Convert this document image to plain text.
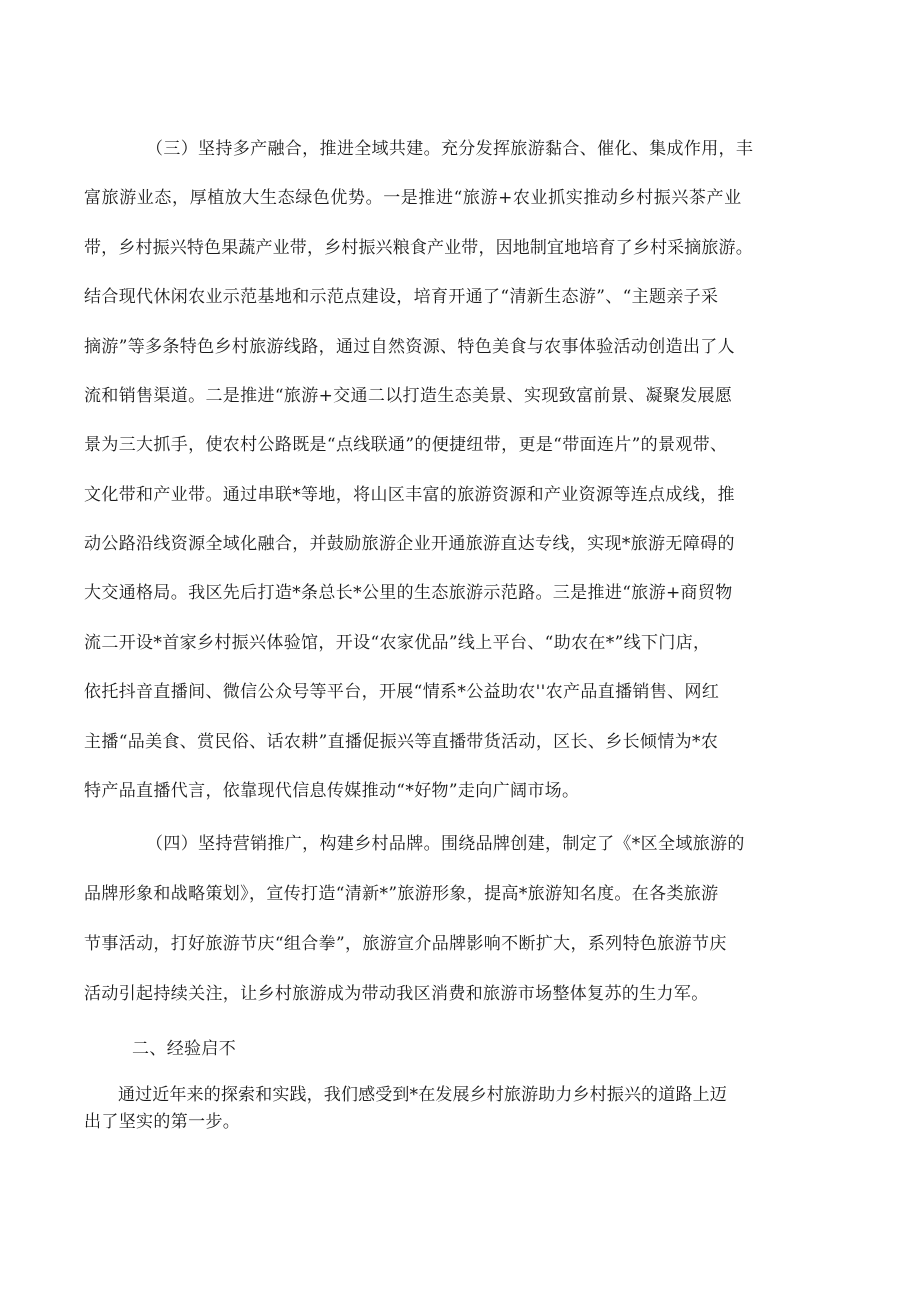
（三）坚持多产融合，推进全域共建。充分发挥旅游黏合、催化、集成作用，丰

富旅游业态，厚植放大生态绿色优势。一是推进“旅游+农业抓实推动乡村振兴茶产业

带，乡村振兴特色果蔬产业带，乡村振兴粮食产业带，因地制宜地培育了乡村采摘旅游。

结合现代休闲农业示范基地和示范点建设，培育开通了“清新生态游”、“主题亲子采

摘游”等多条特色乡村旅游线路，通过自然资源、特色美食与农事体验活动创造出了人

流和销售渠道。二是推进“旅游+交通二以打造生态美景、实现致富前景、凝聚发展愿

景为三大抓手，使农村公路既是“点线联通”的便捷纽带，更是“带面连片”的景观带、

文化带和产业带。通过串联*等地，将山区丰富的旅游资源和产业资源等连点成线，推

动公路沿线资源全域化融合，并鼓励旅游企业开通旅游直达专线，实现*旅游无障碍的

大交通格局。我区先后打造*条总长*公里的生态旅游示范路。三是推进“旅游+商贸物

流二开设*首家乡村振兴体验馆，开设“农家优品”线上平台、“助农在*”线下门店，

依托抖音直播间、微信公众号等平台，开展“情系*公益助农''农产品直播销售、网红

主播“品美食、赏民俗、话农耕”直播促振兴等直播带货活动，区长、乡长倾情为*农

特产品直播代言，依靠现代信息传媒推动“*好物”走向广阔市场。

（四）坚持营销推广，构建乡村品牌。围绕品牌创建，制定了《*区全域旅游的

品牌形象和战略策划》，宣传打造“清新*”旅游形象，提高*旅游知名度。在各类旅游

节事活动，打好旅游节庆“组合拳”，旅游宣介品牌影响不断扩大，系列特色旅游节庆

活动引起持续关注，让乡村旅游成为带动我区消费和旅游市场整体复苏的生力军。

二、经验启不

通过近年来的探索和实践，我们感受到*在发展乡村旅游助力乡村振兴的道路上迈

出了坚实的第一步。
